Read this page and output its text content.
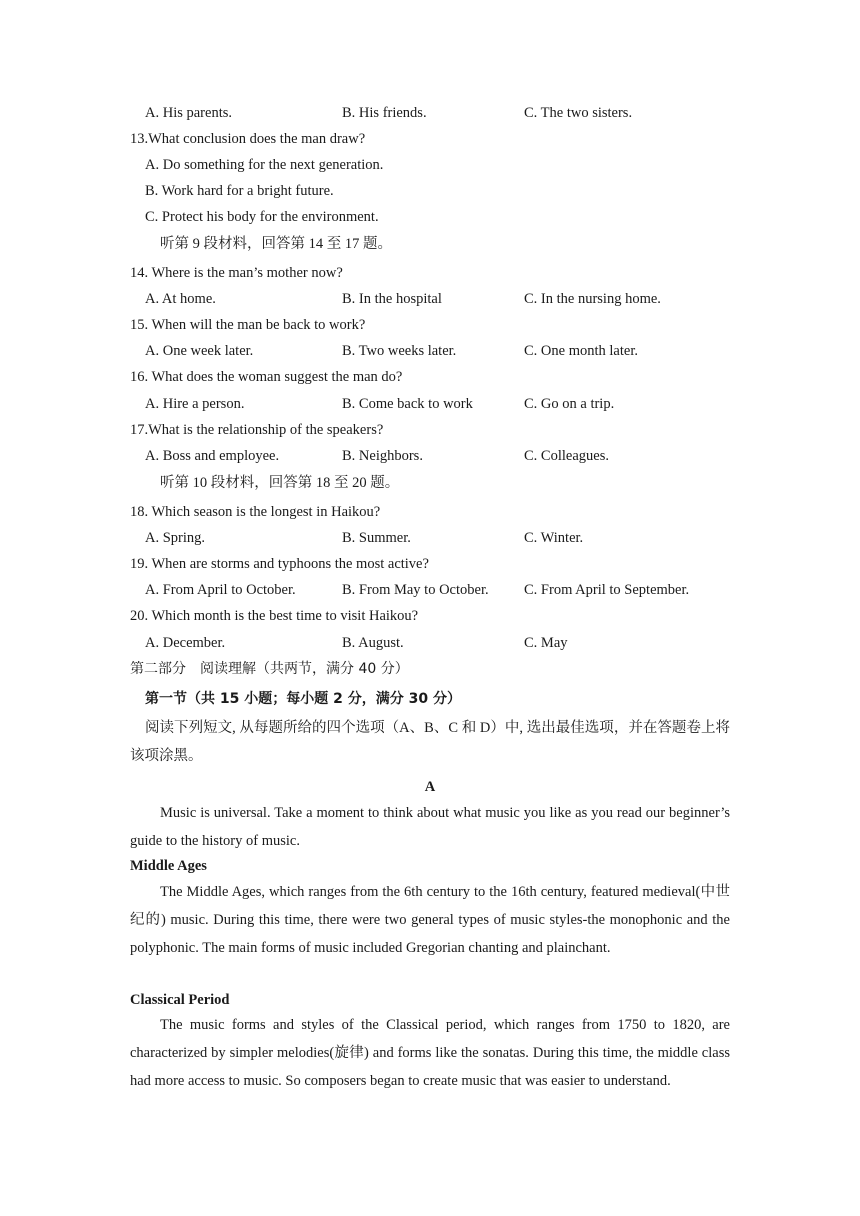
A. His parents.	B. His friends.	C. The two sisters.
13.What conclusion does the man draw?
A. Do something for the next generation.
B. Work hard for a bright future.
C. Protect his body for the environment.
听第 9 段材料，回答第 14 至 17 题。
14. Where is the man’s mother now?
A. At home.	B. In the hospital	C. In the nursing home.
15. When will the man be back to work?
A. One week later.	B. Two weeks later.	C. One month later.
16. What does the woman suggest the man do?
A. Hire a person.	B. Come back to work	C. Go on a trip.
17.What is the relationship of the speakers?
A. Boss and employee.	B. Neighbors.	C. Colleagues.
听第 10 段材料，回答第 18 至 20 题。
18. Which season is the longest in Haikou?
A. Spring.	B. Summer.	C. Winter.
19. When are storms and typhoons the most active?
A. From April to October.	B. From May to October. C. From April to September.
20. Which month is the best time to visit Haikou?
A. December.	B. August.	C. May
第二部分　阅读理解（共两节，满分 40 分）
第一节（共 15 小题；每小题 2 分，满分 30 分）

阅读下列短文, 从每题所给的四个选项（A、B、C 和 D）中, 选出最佳选项，并在答题卷上将该项涂黑。

A

Music is universal. Take a moment to think about what music you like as you read our beginner’s guide to the history of music.

Middle Ages

The Middle Ages, which ranges from the 6th century to the 16th century, featured medieval(中世纪的) music. During this time, there were two general types of music styles-the monophonic and the polyphonic. The main forms of music included Gregorian chanting and plainchant.

Classical Period

The music forms and styles of the Classical period, which ranges from 1750 to 1820, are characterized by simpler melodies(旋律) and forms like the sonatas. During this time, the middle class had more access to music. So composers began to create music that was easier to understand.
